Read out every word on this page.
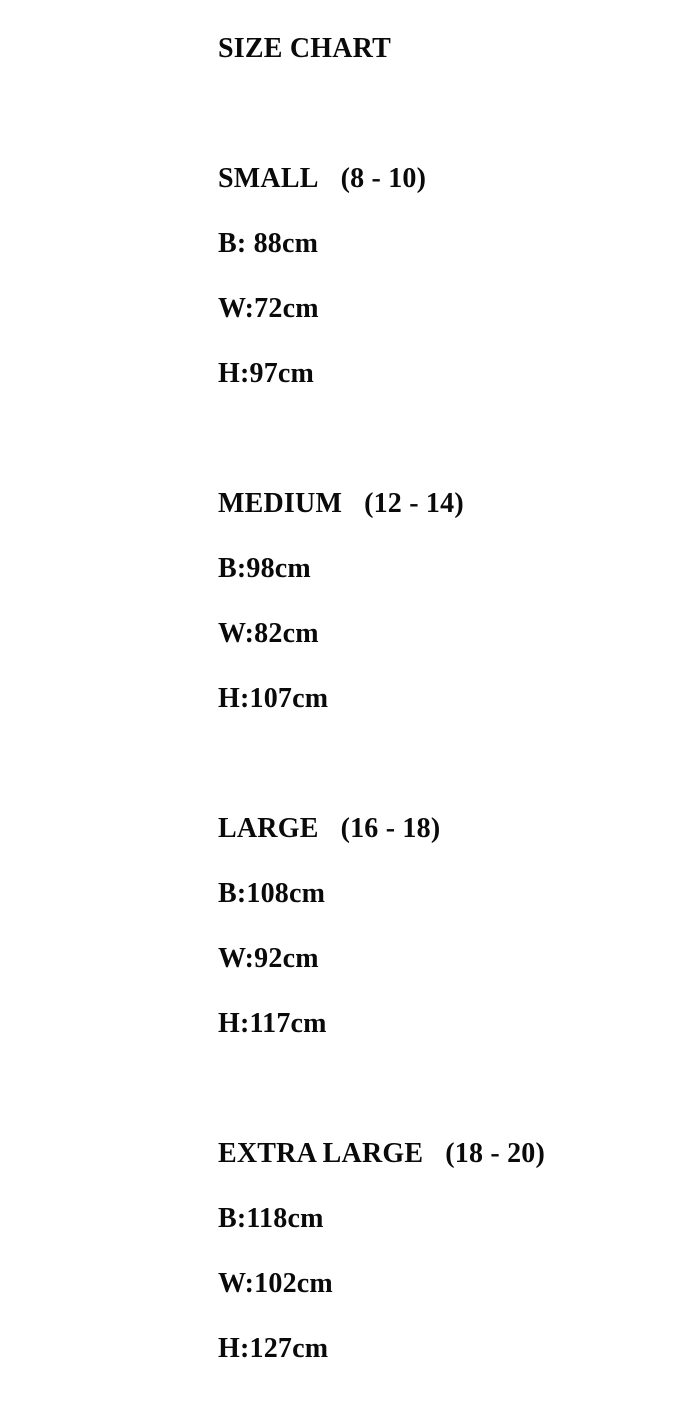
SIZE CHART

SMALL (8 - 10)

B: 88cm

W:72cm

H:97cm

MEDIUM (12 - 14)

B:98cm

W:82cm

H:107cm

LARGE (16 - 18)

B:108cm

W:92cm

H:117cm

EXTRA LARGE (18 - 20)

B:118cm

W:102cm

H:127cm
